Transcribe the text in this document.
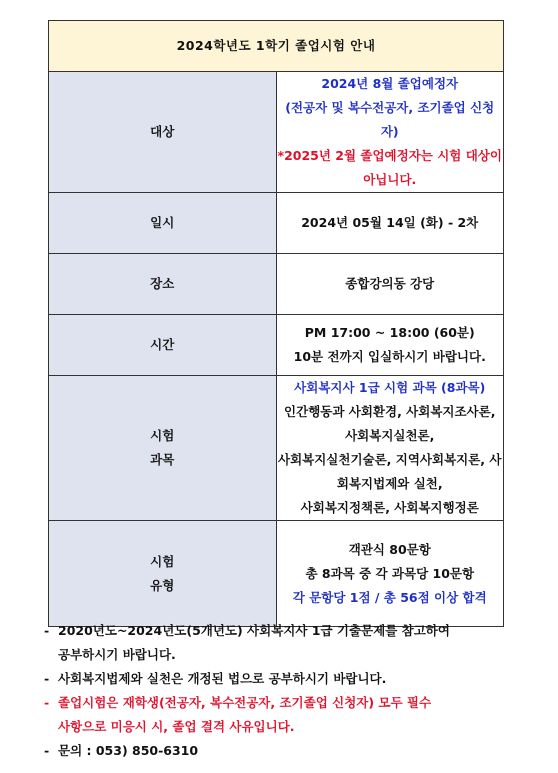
2024학년도 1학기 졸업시험 안내	

대상	2024년 8월 졸업예정자
(전공자 및 복수전공자, 조기졸업 신청자)
*2025년 2월 졸업예정자는 시험 대상이 아닙니다.

일시	2024년 05월 14일 (화) - 2차

장소	종합강의동 강당

시간	PM 17:00 ~ 18:00 (60분)
10분 전까지 입실하시기 바랍니다.

시험
과목	사회복지사 1급 시험 과목 (8과목)
인간행동과 사회환경, 사회복지조사론, 사회복지실천론,
사회복지실천기술론, 지역사회복지론, 사회복지법제와 실천,
사회복지정책론, 사회복지행정론

시험
유형	객관식 80문항
총 8과목 중 각 과목당 10문항
각 문항당 1점 / 총 56점 이상 합격
- 2020년도~2024년도(5개년도) 사회복지사 1급 기출문제를 참고하여
공부하시기 바랍니다.
- 사회복지법제와 실천은 개정된 법으로 공부하시기 바랍니다.
- 졸업시험은 재학생(전공자, 복수전공자, 조기졸업 신청자) 모두 필수
사항으로 미응시 시, 졸업 결격 사유입니다.
- 문의 : 053) 850-6310
